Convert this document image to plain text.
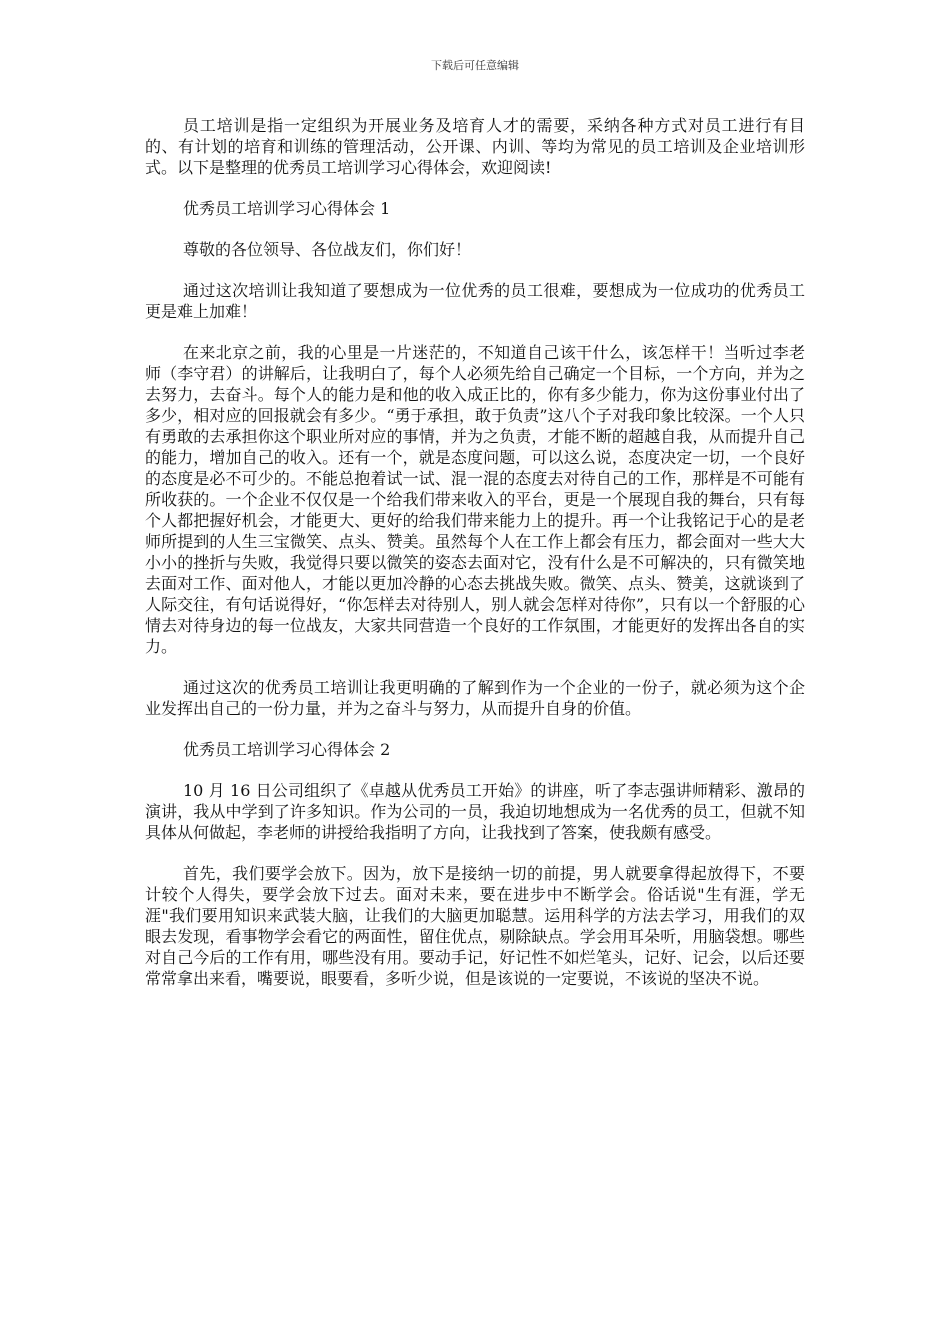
下载后可任意编辑

员工培训是指一定组织为开展业务及培育人才的需要，采纳各种方式对员工进行有目的、有计划的培育和训练的管理活动，公开课、内训、等均为常见的员工培训及企业培训形式。以下是整理的优秀员工培训学习心得体会，欢迎阅读!

优秀员工培训学习心得体会 1

尊敬的各位领导、各位战友们，你们好！

通过这次培训让我知道了要想成为一位优秀的员工很难，要想成为一位成功的优秀员工更是难上加难！

在来北京之前，我的心里是一片迷茫的，不知道自己该干什么，该怎样干！当听过李老师（李守君）的讲解后，让我明白了，每个人必须先给自己确定一个目标，一个方向，并为之去努力，去奋斗。每个人的能力是和他的收入成正比的，你有多少能力，你为这份事业付出了多少，相对应的回报就会有多少。“勇于承担，敢于负责”这八个子对我印象比较深。一个人只有勇敢的去承担你这个职业所对应的事情，并为之负责，才能不断的超越自我，从而提升自己的能力，增加自己的收入。还有一个，就是态度问题，可以这么说，态度决定一切，一个良好的态度是必不可少的。不能总抱着试一试、混一混的态度去对待自己的工作，那样是不可能有所收获的。一个企业不仅仅是一个给我们带来收入的平台，更是一个展现自我的舞台，只有每个人都把握好机会，才能更大、更好的给我们带来能力上的提升。再一个让我铭记于心的是老师所提到的人生三宝微笑、点头、赞美。虽然每个人在工作上都会有压力，都会面对一些大大小小的挫折与失败，我觉得只要以微笑的姿态去面对它，没有什么是不可解决的，只有微笑地去面对工作、面对他人，才能以更加冷静的心态去挑战失败。微笑、点头、赞美，这就谈到了人际交往，有句话说得好，“你怎样去对待别人，别人就会怎样对待你”，只有以一个舒服的心情去对待身边的每一位战友，大家共同营造一个良好的工作氛围，才能更好的发挥出各自的实力。

通过这次的优秀员工培训让我更明确的了解到作为一个企业的一份子，就必须为这个企业发挥出自己的一份力量，并为之奋斗与努力，从而提升自身的价值。

优秀员工培训学习心得体会 2

10 月 16 日公司组织了《卓越从优秀员工开始》的讲座，听了李志强讲师精彩、激昂的演讲，我从中学到了许多知识。作为公司的一员，我迫切地想成为一名优秀的员工，但就不知具体从何做起，李老师的讲授给我指明了方向，让我找到了答案，使我颇有感受。

首先，我们要学会放下。因为，放下是接纳一切的前提，男人就要拿得起放得下，不要计较个人得失，要学会放下过去。面对未来，要在进步中不断学会。俗话说"生有涯，学无涯"我们要用知识来武装大脑，让我们的大脑更加聪慧。运用科学的方法去学习，用我们的双眼去发现，看事物学会看它的两面性，留住优点，剔除缺点。学会用耳朵听，用脑袋想。哪些对自己今后的工作有用，哪些没有用。要动手记，好记性不如烂笔头，记好、记会，以后还要常常拿出来看，嘴要说，眼要看，多听少说，但是该说的一定要说，不该说的坚决不说。
